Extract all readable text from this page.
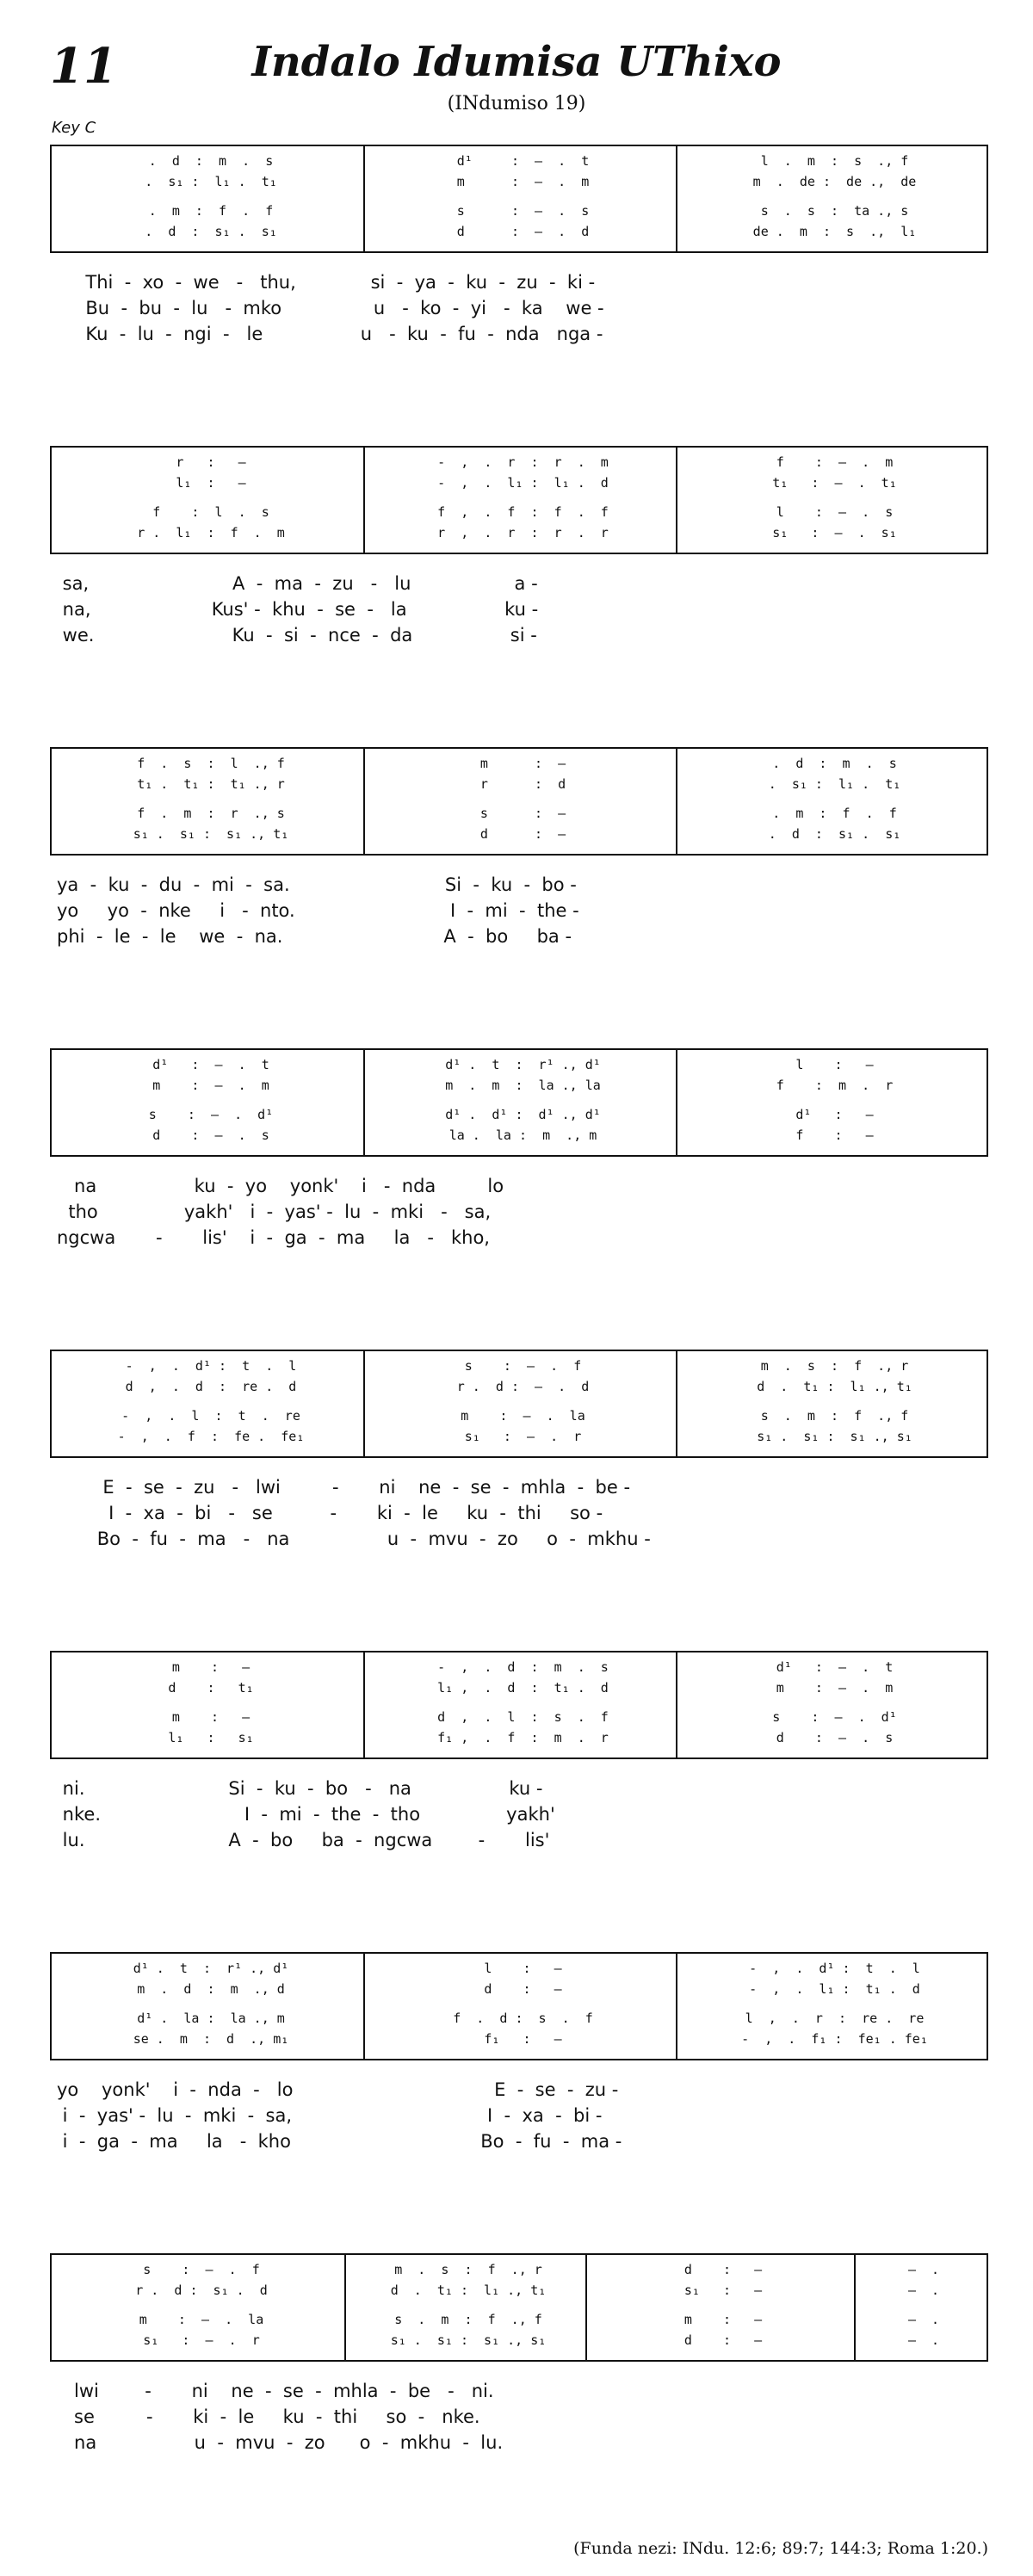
11	Indalo Idumisa UThixo
(INdumiso 19)
Key C
.  d  :  m  .  s
.  s₁ :  l₁ .  t₁
.  m  :  f  .  f
.  d  :  s₁ .  s₁
d¹     :  –  .  t
m      :  –  .  m
s      :  –  .  s
d      :  –  .  d
l  .  m  :  s  ., f
m  .  de :  de .,  de
s  .  s  :  ta ., s
de .  m  :  s  .,  l₁
Thi  -  xo  -  we   -   thu,             si  -  ya  -  ku  -  zu  -  ki -
Bu  -  bu  -  lu   -  mko                u   -  ko  -  yi   -  ka    we -
Ku  -  lu  -  ngi  -   le                 u   -  ku  -  fu  -  nda   nga -
r   :   —
l₁  :   —
f    :  l  .  s
r .  l₁  :  f  .  m
-  ,  .  r  :  r  .  m
-  ,  .  l₁ :  l₁ .  d
f  ,  .  f  :  f  .  f
r  ,  .  r  :  r  .  r
f    :  –  .  m
t₁   :  –  .  t₁
l    :  –  .  s
s₁   :  –  .  s₁
sa,                         A  -  ma  -  zu   -   lu                  a -
na,                     Kus' -  khu  -  se  -   la                 ku -
we.                        Ku  -  si  -  nce  -  da                 si -
f  .  s  :  l  ., f
t₁ .  t₁ :  t₁ ., r
f  .  m  :  r  ., s
s₁ .  s₁ :  s₁ ., t₁
m      :  —
r      :  d
s      :  —
d      :  —
.  d  :  m  .  s
.  s₁ :  l₁ .  t₁
.  m  :  f  .  f
.  d  :  s₁ .  s₁
ya  -  ku  -  du  -  mi  -  sa.                           Si  -  ku  -  bo -
yo     yo  -  nke     i   -  nto.                           I  -  mi  -  the -
phi  -  le  -  le    we  -  na.                            A  -  bo     ba -
d¹   :  –  .  t
m    :  –  .  m
s    :  –  .  d¹
d    :  –  .  s
d¹ .  t  :  r¹ ., d¹
m  .  m  :  la ., la
d¹ .  d¹ :  d¹ ., d¹
la .  la :  m  ., m
l    :   —
f    :  m  .  r
d¹   :   —
f    :   —
na                 ku  -  yo    yonk'    i   -  nda         lo
tho               yakh'   i  -  yas' -  lu  -  mki   -   sa,
ngcwa       -       lis'    i  -  ga  -  ma     la   -   kho,
-  ,  .  d¹ :  t  .  l
d  ,  .  d  :  re .  d
-  ,  .  l  :  t  .  re
-  ,  .  f  :  fe .  fe₁
s    :  –  .  f
r .  d :  –  .  d
m    :  –  .  la
s₁   :  –  .  r
m  .  s  :  f  ., r
d  .  t₁ :  l₁ ., t₁
s  .  m  :  f  ., f
s₁ .  s₁ :  s₁ ., s₁
E  -  se  -  zu   -   lwi         -       ni    ne  -  se  -  mhla  -  be -
I  -  xa  -  bi   -   se          -       ki  -  le     ku  -  thi     so -
Bo  -  fu  -  ma   -   na                 u  -  mvu  -  zo     o  -  mkhu -
m    :   —
d    :   t₁
m    :   —
l₁   :   s₁
-  ,  .  d  :  m  .  s
l₁ ,  .  d  :  t₁ .  d
d  ,  .  l  :  s  .  f
f₁ ,  .  f  :  m  .  r
d¹   :  –  .  t
m    :  –  .  m
s    :  –  .  d¹
d    :  –  .  s
ni.                         Si  -  ku  -  bo   -   na                 ku -
nke.                         I  -  mi  -  the  -  tho               yakh'
lu.                         A  -  bo     ba  -  ngcwa        -       lis'
d¹ .  t  :  r¹ ., d¹
m  .  d  :  m  ., d
d¹ .  la :  la ., m
se .  m  :  d  ., m₁
l    :   —
d    :   —
f  .  d :  s  .  f
f₁   :   —
-  ,  .  d¹ :  t  .  l
-  ,  .  l₁ :  t₁ .  d
l  ,  .  r  :  re .  re
-  ,  .  f₁ :  fe₁ . fe₁
yo    yonk'    i  -  nda  -   lo                                   E  -  se  -  zu -
i  -  yas' -  lu  -  mki  -  sa,                                  I  -  xa  -  bi -
i  -  ga  -  ma     la   -  kho                                 Bo  -  fu  -  ma -
s    :  –  .  f
r .  d :  s₁ .  d
m    :  –  .  la
s₁   :  –  .  r
m  .  s  :  f  ., r
d  .  t₁ :  l₁ ., t₁
s  .  m  :  f  ., f
s₁ .  s₁ :  s₁ ., s₁
d    :   —
s₁   :   —
m    :   —
d    :   —
–  .
–  .
–  .
–  .
lwi        -       ni    ne  -  se  -  mhla  -  be   -   ni.
se         -       ki  -  le     ku  -  thi     so  -   nke.
na                 u  -  mvu  -  zo      o  -  mkhu  -  lu.
(Funda nezi: INdu. 12:6; 89:7; 144:3; Roma 1:20.)
